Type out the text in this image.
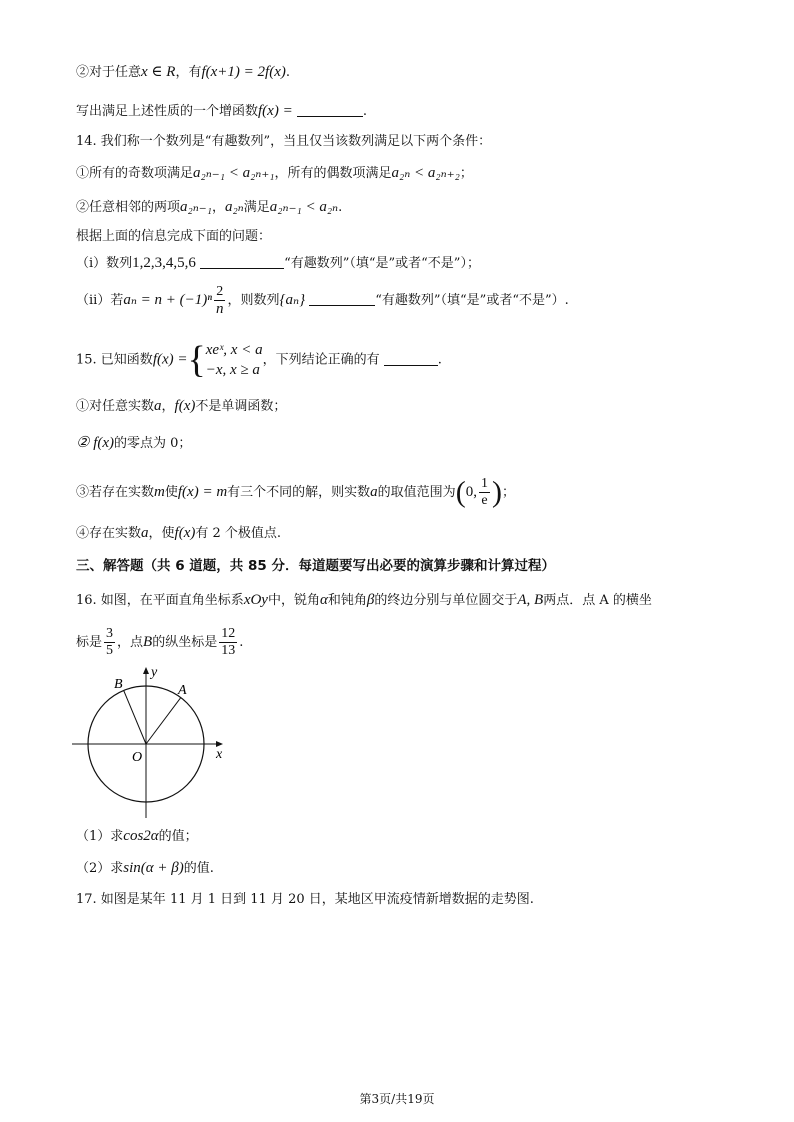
②对于任意x ∈ R，有f(x+1) = 2f(x).
写出满足上述性质的一个增函数f(x) =	.
14. 我们称一个数列是“有趣数列”，当且仅当该数列满足以下两个条件：
①所有的奇数项满足a₂ₙ₋₁ < a₂ₙ₊₁，所有的偶数项满足a₂ₙ < a₂ₙ₊₂；
②任意相邻的两项a₂ₙ₋₁，a₂ₙ满足a₂ₙ₋₁ < a₂ₙ.
根据上面的信息完成下面的问题：
（i）数列1,2,3,4,5,6	“有趣数列”（填“是”或者“不是”）；
（ii）若$a_n = n + (-1)^n \frac{2}{n}$ ，则数列{aₙ}	“有趣数列”（填“是”或者“不是”）.
15. 已知函数f(x) ={ xeˣ, x < a
−x, x ≥ a
，下列结论正确的有	.
①对任意实数a，f(x)不是单调函数；
② f(x)的零点为 0；
③若存在实数m使f(x) = m有三个不同的解，则实数a的取值范围为(0, $\frac{1}{e}$ )；
④存在实数a，使f(x)有 2 个极值点.
三、解答题（共 6 道题，共 85 分．每道题要写出必要的演算步骤和计算过程）
16. 如图，在平面直角坐标系xOy中，锐角α和钝角β的终边分别与单位圆交于A, B两点．点 A 的横坐
标是 $\frac{3}{5}$ ，点B的纵坐标是 $\frac{12}{13}$ .
O	x
y
A
B
（1）求cos2α的值；
（2）求sin(α + β)的值.
17. 如图是某年 11 月 1 日到 11 月 20 日，某地区甲流疫情新增数据的走势图.
第3页/共19页
